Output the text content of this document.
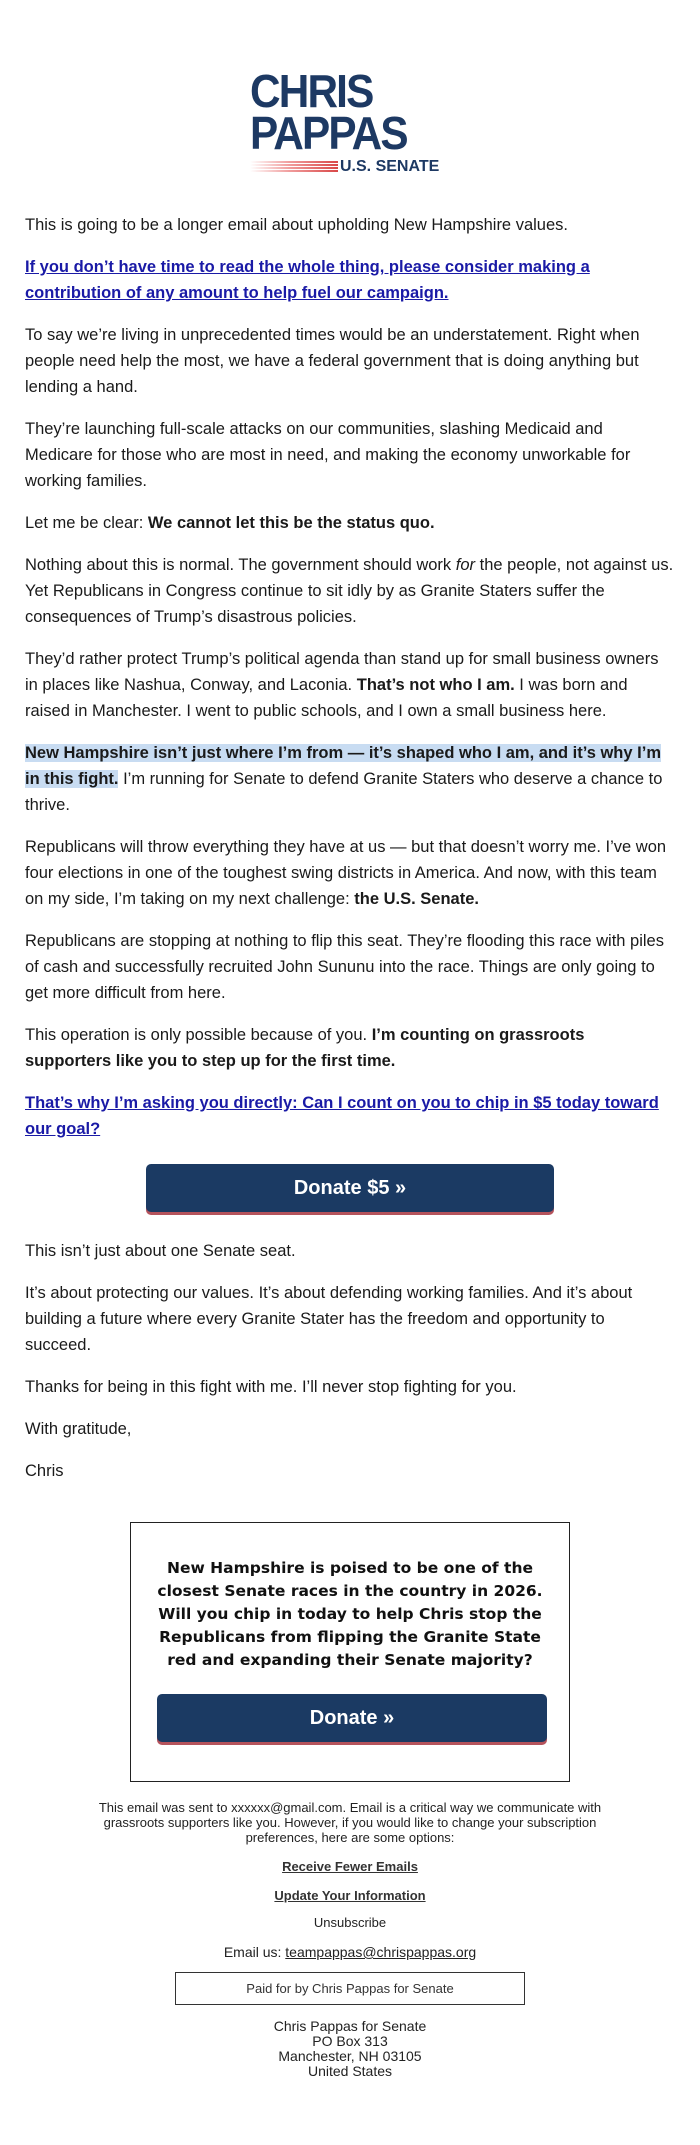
CHRIS
PAPPAS
U.S. SENATE

This is going to be a longer email about upholding New Hampshire values.

If you don’t have time to read the whole thing, please consider making a contribution of any amount to help fuel our campaign.

To say we’re living in unprecedented times would be an understatement. Right when people need help the most, we have a federal government that is doing anything but lending a hand.

They’re launching full-scale attacks on our communities, slashing Medicaid and Medicare for those who are most in need, and making the economy unworkable for working families.

Let me be clear: We cannot let this be the status quo.

Nothing about this is normal. The government should work for the people, not against us. Yet Republicans in Congress continue to sit idly by as Granite Staters suffer the consequences of Trump’s disastrous policies.

They’d rather protect Trump’s political agenda than stand up for small business owners in places like Nashua, Conway, and Laconia. That’s not who I am. I was born and raised in Manchester. I went to public schools, and I own a small business here.

New Hampshire isn’t just where I’m from — it’s shaped who I am, and it’s why I’m in this fight. I’m running for Senate to defend Granite Staters who deserve a chance to thrive.

Republicans will throw everything they have at us — but that doesn’t worry me. I’ve won four elections in one of the toughest swing districts in America. And now, with this team on my side, I’m taking on my next challenge: the U.S. Senate.

Republicans are stopping at nothing to flip this seat. They’re flooding this race with piles of cash and successfully recruited John Sununu into the race. Things are only going to get more difficult from here.

This operation is only possible because of you. I’m counting on grassroots supporters like you to step up for the first time.

That’s why I’m asking you directly: Can I count on you to chip in $5 today toward our goal?

Donate $5 »

This isn’t just about one Senate seat.

It’s about protecting our values. It’s about defending working families. And it’s about building a future where every Granite Stater has the freedom and opportunity to succeed.

Thanks for being in this fight with me. I’ll never stop fighting for you.

With gratitude,

Chris

New Hampshire is poised to be one of the closest Senate races in the country in 2026. Will you chip in today to help Chris stop the Republicans from flipping the Granite State red and expanding their Senate majority?

Donate »
This email was sent to xxxxxx@gmail.com. Email is a critical way we communicate with grassroots supporters like you. However, if you would like to change your subscription preferences, here are some options:
Receive Fewer Emails
Update Your Information
Unsubscribe
Email us: teampappas@chrispappas.org
Paid for by Chris Pappas for Senate
Chris Pappas for Senate
PO Box 313
Manchester, NH 03105
United States
